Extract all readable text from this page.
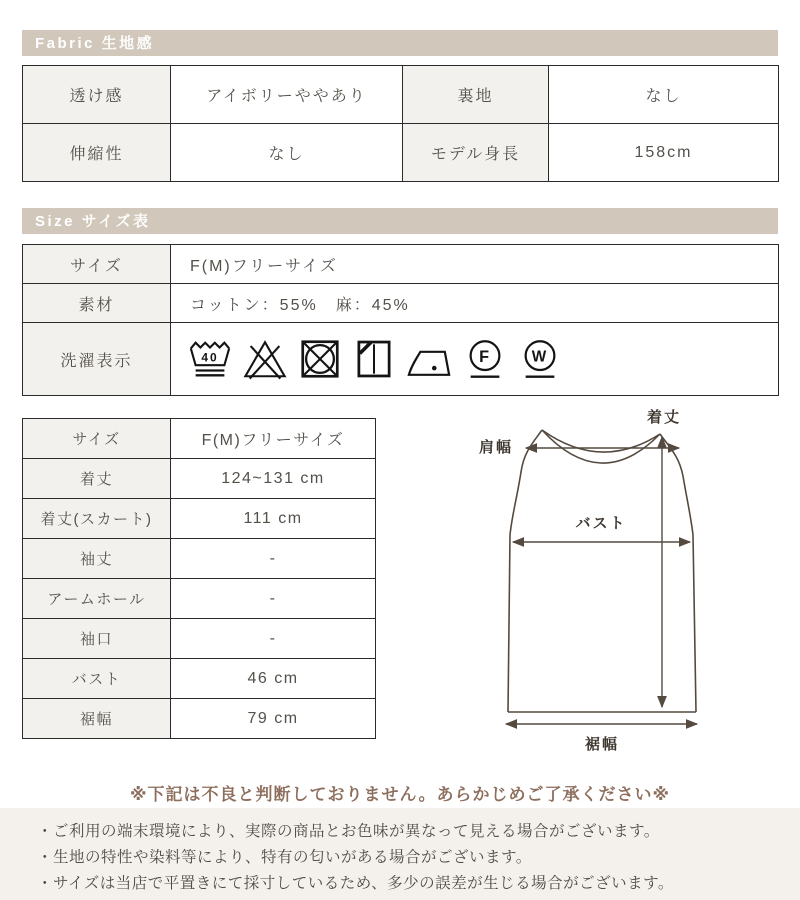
Fabric 生地感
透け感	アイボリーややあり	裏地	なし
伸縮性	なし	モデル身長	158cm
Size サイズ表
サイズ	F(M)フリーサイズ
素材	コットン：55%　麻：45%
洗濯表示	40 F W
サイズ	F(M)フリーサイズ
着丈	124~131 cm
着丈(スカート)	111 cm
袖丈	-
アームホール	-
袖口	-
バスト	46 cm
裾幅	79 cm
肩幅
着丈
バスト
裾幅
※下記は不良と判断しておりません。あらかじめご了承ください※
・ご利用の端末環境により、実際の商品とお色味が異なって見える場合がございます。
・生地の特性や染料等により、特有の匂いがある場合がございます。
・サイズは当店で平置きにて採寸しているため、多少の誤差が生じる場合がございます。
